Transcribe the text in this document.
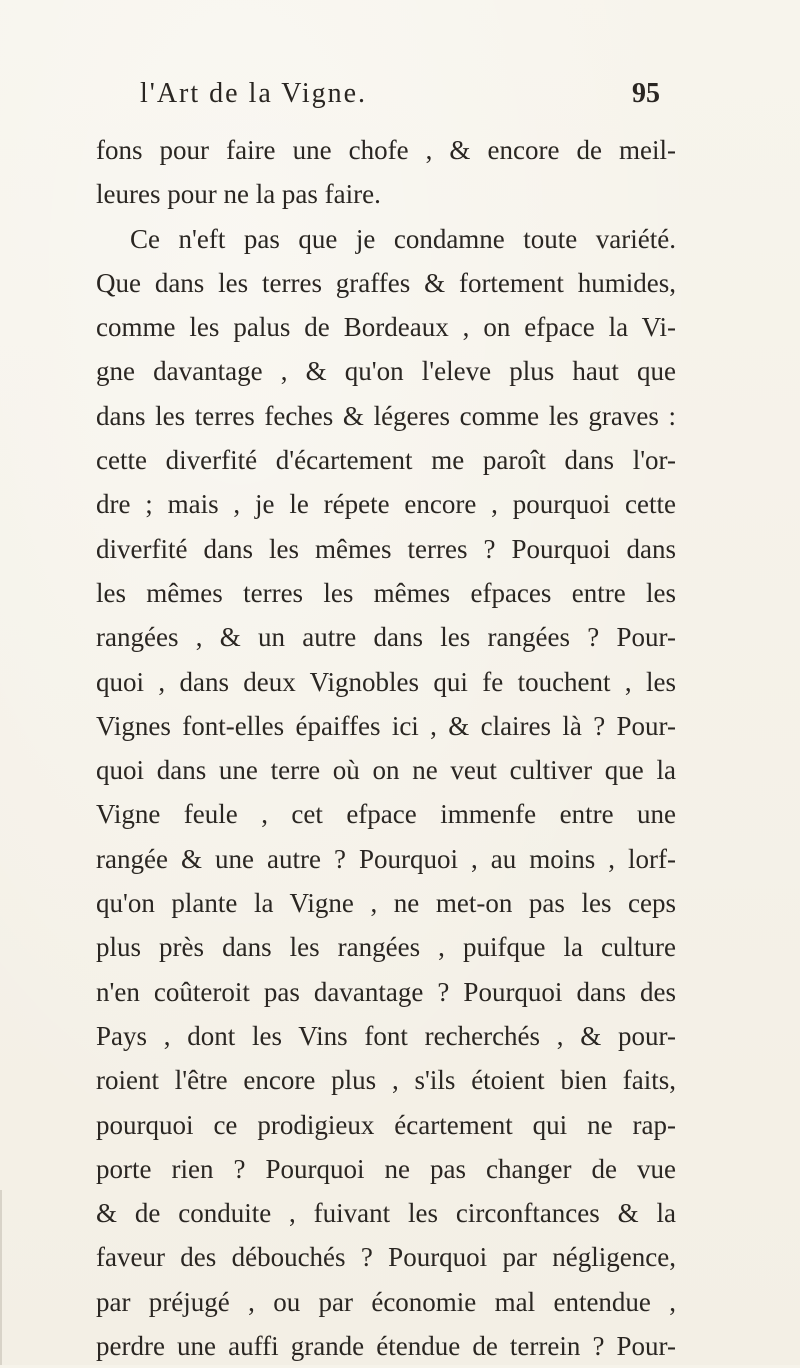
l'Art de la Vigne.	95
fons pour faire une chofe , & encore de meil-
leures pour ne la pas faire.
Ce n'eft pas que je condamne toute variété.
Que dans les terres graffes & fortement humides,
comme les palus de Bordeaux , on efpace la Vi-
gne davantage , & qu'on l'eleve plus haut que
dans les terres feches & légeres comme les graves :
cette diverfité d'écartement me paroît dans l'or-
dre ; mais , je le répete encore , pourquoi cette
diverfité dans les mêmes terres ? Pourquoi dans
les mêmes terres les mêmes efpaces entre les
rangées , & un autre dans les rangées ? Pour-
quoi , dans deux Vignobles qui fe touchent , les
Vignes font-elles épaiffes ici , & claires là ? Pour-
quoi dans une terre où on ne veut cultiver que la
Vigne feule , cet efpace immenfe entre une
rangée & une autre ? Pourquoi , au moins , lorf-
qu'on plante la Vigne , ne met-on pas les ceps
plus près dans les rangées , puifque la culture
n'en coûteroit pas davantage ? Pourquoi dans des
Pays , dont les Vins font recherchés , & pour-
roient l'être encore plus , s'ils étoient bien faits,
pourquoi ce prodigieux écartement qui ne rap-
porte rien ? Pourquoi ne pas changer de vue
& de conduite , fuivant les circonftances & la
faveur des débouchés ? Pourquoi par négligence,
par préjugé , ou par économie mal entendue ,
perdre une auffi grande étendue de terrein ? Pour-
